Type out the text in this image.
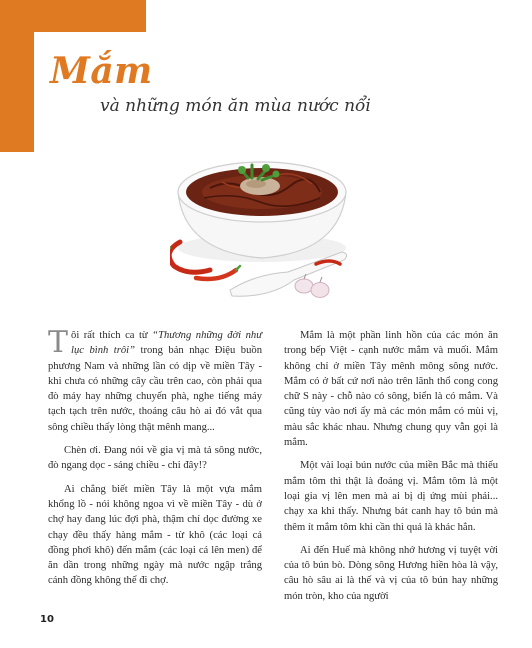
Mắm
và những món ăn mùa nước nổi

Tôi rất thích ca từ “Thương những đời như lục bình trôi” trong bản nhạc Điệu buồn phương Nam và những lần có dịp về miền Tây - khi chưa có những cây cầu trên cao, còn phải qua đò máy hay những chuyến phà, nghe tiếng máy tạch tạch trên nước, thoảng câu hò ai đó vắt qua sông chiều thấy lòng thật mênh mang...

Chèn ơi. Đang nói về gia vị mà tả sông nước, đò ngang dọc - sáng chiều - chi đây!?

Ai chẳng biết miền Tây là một vựa mắm khổng lồ - nói không ngoa vì về miền Tây - dù ở chợ hay đang lúc đợi phà, thậm chí dọc đường xe chạy đều thấy hàng mắm - từ khô (các loại cá đồng phơi khô) đến mắm (các loại cá lên men) để ăn dần trong những ngày mà nước ngập trắng cánh đồng không thể đi chợ.

Mắm là một phần linh hồn của các món ăn trong bếp Việt - cạnh nước mắm và muối. Mắm không chỉ ở miền Tây mênh mông sông nước. Mắm có ở bất cứ nơi nào trên lãnh thổ cong cong chữ S này - chỗ nào có sông, biển là có mắm. Và cũng tùy vào nơi ấy mà các món mắm có mùi vị, màu sắc khác nhau. Nhưng chung quy vẫn gọi là mắm.

Một vài loại bún nước của miền Bắc mà thiếu mắm tôm thì thật là đoảng vị. Mắm tôm là một loại gia vị lên men mà ai bị dị ứng mùi phải... chạy xa khi thấy. Nhưng bát canh hay tô bún mà thêm ít mắm tôm khi cần thì quả là khác hẳn.

Ai đến Huế mà không nhớ hương vị tuyệt vời của tô bún bò. Dòng sông Hương hiền hòa là vậy, câu hò sâu ai là thế và vị của tô bún hay những món tròn, kho của người

10
